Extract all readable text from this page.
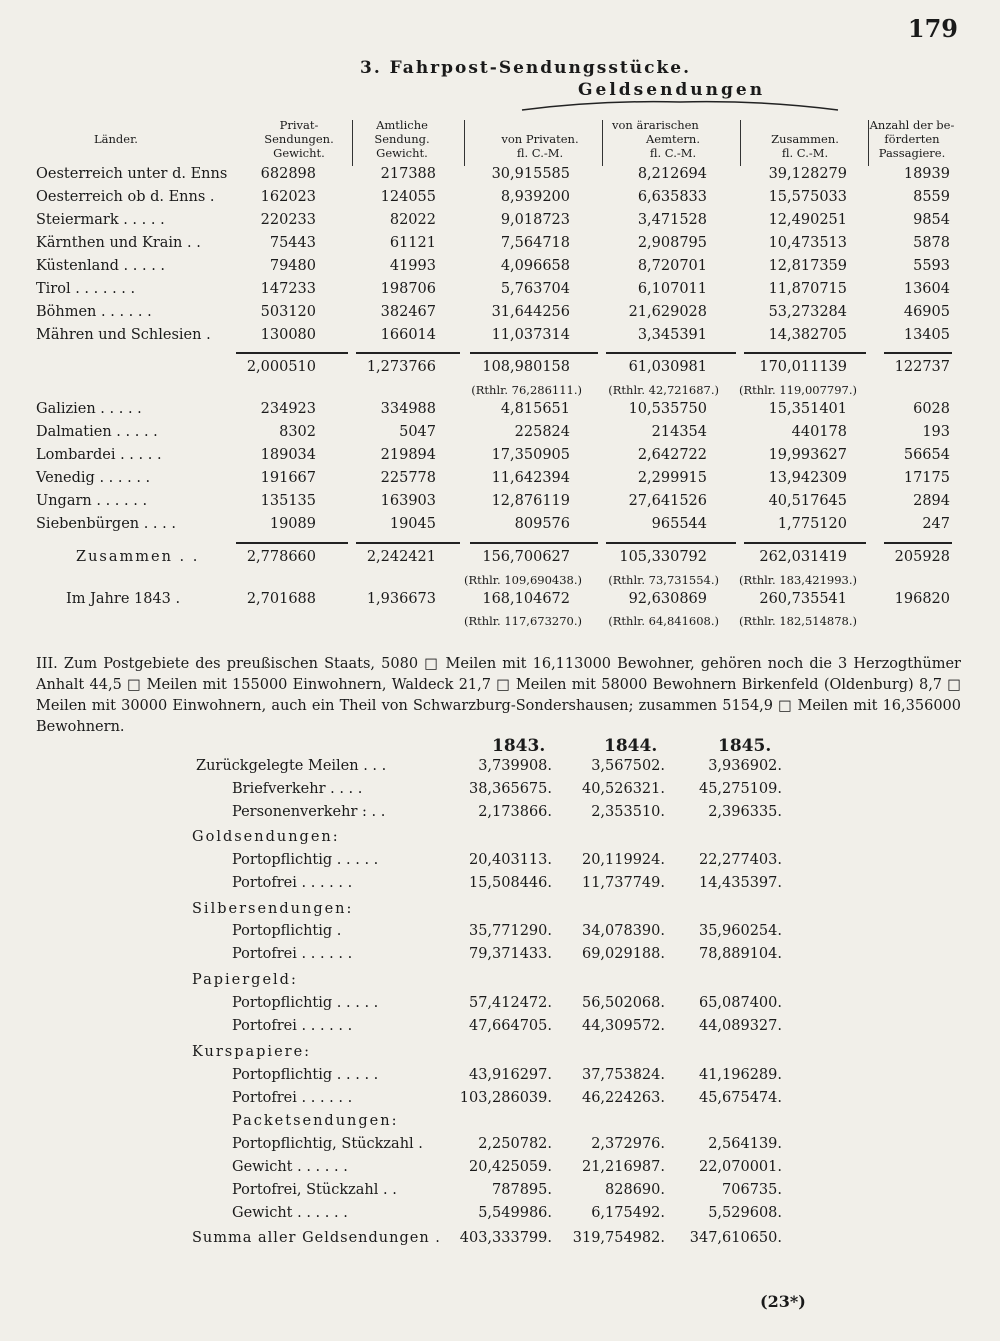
179
3. Fahrpost-Sendungsstücke.
Geldsendungen
Länder.
Privat-
Sendungen.
Gewicht.
Amtliche
Sendung.
Gewicht.
von ärarischen
von Privaten.
fl. C.-M.
Aemtern.
fl. C.-M.
Zusammen.
fl. C.-M.
Anzahl der be-
förderten
Passagiere.
Oesterreich unter d. Enns 682898	217388	30,915585	8,212694	39,128279	18939
Oesterreich ob d. Enns .	162023	124055	8,939200	6,635833	15,575033	8559
Steiermark . . . . .	220233	82022	9,018723	3,471528	12,490251	9854
Kärnthen und Krain . .	75443	61121	7,564718	2,908795	10,473513	5878
Küstenland . . . . .	79480	41993	4,096658	8,720701	12,817359	5593
Tirol . . . . . . .	147233	198706	5,763704	6,107011	11,870715	13604
Böhmen . . . . . .	503120	382467	31,644256	21,629028	53,273284	46905
Mähren und Schlesien .	130080	166014	11,037314	3,345391	14,382705	13405
2,000510	1,273766	108,980158	61,030981	170,011139	122737
(Rthlr. 76,286111.) (Rthlr. 42,721687.) (Rthlr. 119,007797.)
Galizien . . . . .	234923	334988	4,815651	10,535750	15,351401	6028
Dalmatien . . . . .	8302	5047	225824	214354	440178	193
Lombardei . . . . .	189034	219894	17,350905	2,642722	19,993627	56654
Venedig . . . . . .	191667	225778	11,642394	2,299915	13,942309	17175
Ungarn . . . . . .	135135	163903	12,876119	27,641526	40,517645	2894
Siebenbürgen . . . .	19089	19045	809576	965544	1,775120	247
Zusammen . .	2,778660	2,242421	156,700627	105,330792	262,031419	205928
(Rthlr. 109,690438.) (Rthlr. 73,731554.) (Rthlr. 183,421993.)
Im Jahre 1843 .	2,701688	1,936673	168,104672	92,630869	260,735541	196820
(Rthlr. 117,673270.) (Rthlr. 64,841608.) (Rthlr. 182,514878.)
III. Zum Postgebiete des preußischen Staats, 5080 □ Meilen mit 16,113000 Bewohner, gehören noch die 3 Herzogthümer Anhalt 44,5 □ Meilen mit 155000 Einwohnern, Waldeck 21,7 □ Meilen mit 58000 Bewohnern Birkenfeld (Oldenburg) 8,7 □ Meilen mit 30000 Einwohnern, auch ein Theil von Schwarzburg-Sondershausen; zusammen 5154,9 □ Meilen mit 16,356000 Bewohnern.
1843.	1844.	1845.
Zurückgelegte Meilen . . .	3,739908.	3,567502.	3,936902.
Briefverkehr . . . .	38,365675. 40,526321. 45,275109.
Personenverkehr : . .	2,173866.	2,353510.	2,396335.
Goldsendungen:
Portopflichtig . . . . .	20,403113. 20,119924. 22,277403.
Portofrei . . . . . .	15,508446. 11,737749. 14,435397.
Silbersendungen:
Portopflichtig .	35,771290. 34,078390. 35,960254.
Portofrei . . . . . .	79,371433. 69,029188. 78,889104.
Papiergeld:
Portopflichtig . . . . .	57,412472. 56,502068. 65,087400.
Portofrei . . . . . .	47,664705. 44,309572. 44,089327.
Kurspapiere:
Portopflichtig . . . . .	43,916297. 37,753824. 41,196289.
Portofrei . . . . . .	103,286039. 46,224263. 45,675474.
Packetsendungen:
Portopflichtig, Stückzahl .	2,250782.	2,372976.	2,564139.
Gewicht . . . . . .	20,425059. 21,216987. 22,070001.
Portofrei, Stückzahl . .	787895.	828690.	706735.
Gewicht . . . . . .	5,549986.	6,175492.	5,529608.
Summa aller Geldsendungen . 403,333799. 319,754982. 347,610650.
(23*)
